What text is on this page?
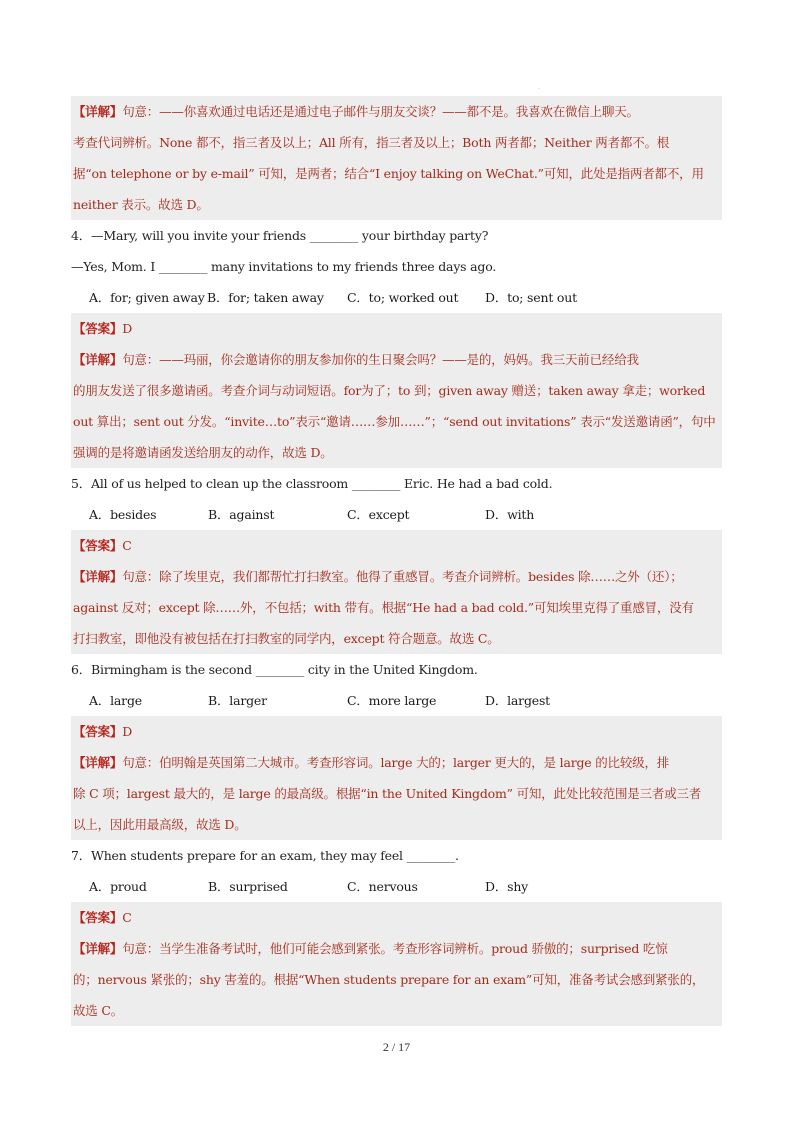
·
【详解】句意：——你喜欢通过电话还是通过电子邮件与朋友交谈？——都不是。我喜欢在微信上聊天。
考查代词辨析。None 都不，指三者及以上；All 所有，指三者及以上；Both 两者都；Neither 两者都不。根
据“on telephone or by e-mail” 可知，是两者；结合“I enjoy talking on WeChat.”可知，此处是指两者都不，用
neither 表示。故选 D。
4．—Mary, will you invite your friends ________ your birthday party?
—Yes, Mom. I ________ many invitations to my friends three days ago.
A．for; given away B．for; taken away	C．to; worked out	D．to; sent out
【答案】D
【详解】句意：——玛丽，你会邀请你的朋友参加你的生日聚会吗？——是的，妈妈。我三天前已经给我
的朋友发送了很多邀请函。考查介词与动词短语。for为了；to 到；given away 赠送；taken away 拿走；worked
out 算出；sent out 分发。“invite…to”表示“邀请……参加……”；“send out invitations” 表示“发送邀请函”，句中
强调的是将邀请函发送给朋友的动作，故选 D。
5．All of us helped to clean up the classroom ________ Eric. He had a bad cold.
A．besides	B．against	C．except	D．with
【答案】C
【详解】句意：除了埃里克，我们都帮忙打扫教室。他得了重感冒。考查介词辨析。besides 除……之外（还）；
against 反对；except 除……外，不包括；with 带有。根据“He had a bad cold.”可知埃里克得了重感冒，没有
打扫教室，即他没有被包括在打扫教室的同学内，except 符合题意。故选 C。
6．Birmingham is the second ________ city in the United Kingdom.
A．large	B．larger	C．more large	D．largest
【答案】D
【详解】句意：伯明翰是英国第二大城市。考查形容词。large 大的；larger 更大的，是 large 的比较级，排
除 C 项；largest 最大的，是 large 的最高级。根据“in the United Kingdom” 可知，此处比较范围是三者或三者
以上，因此用最高级，故选 D。
7．When students prepare for an exam, they may feel ________.
A．proud	B．surprised	C．nervous	D．shy
【答案】C
【详解】句意：当学生准备考试时，他们可能会感到紧张。考查形容词辨析。proud 骄傲的；surprised 吃惊
的；nervous 紧张的；shy 害羞的。根据“When students prepare for an exam”可知，准备考试会感到紧张的，
故选 C。
2 / 17
